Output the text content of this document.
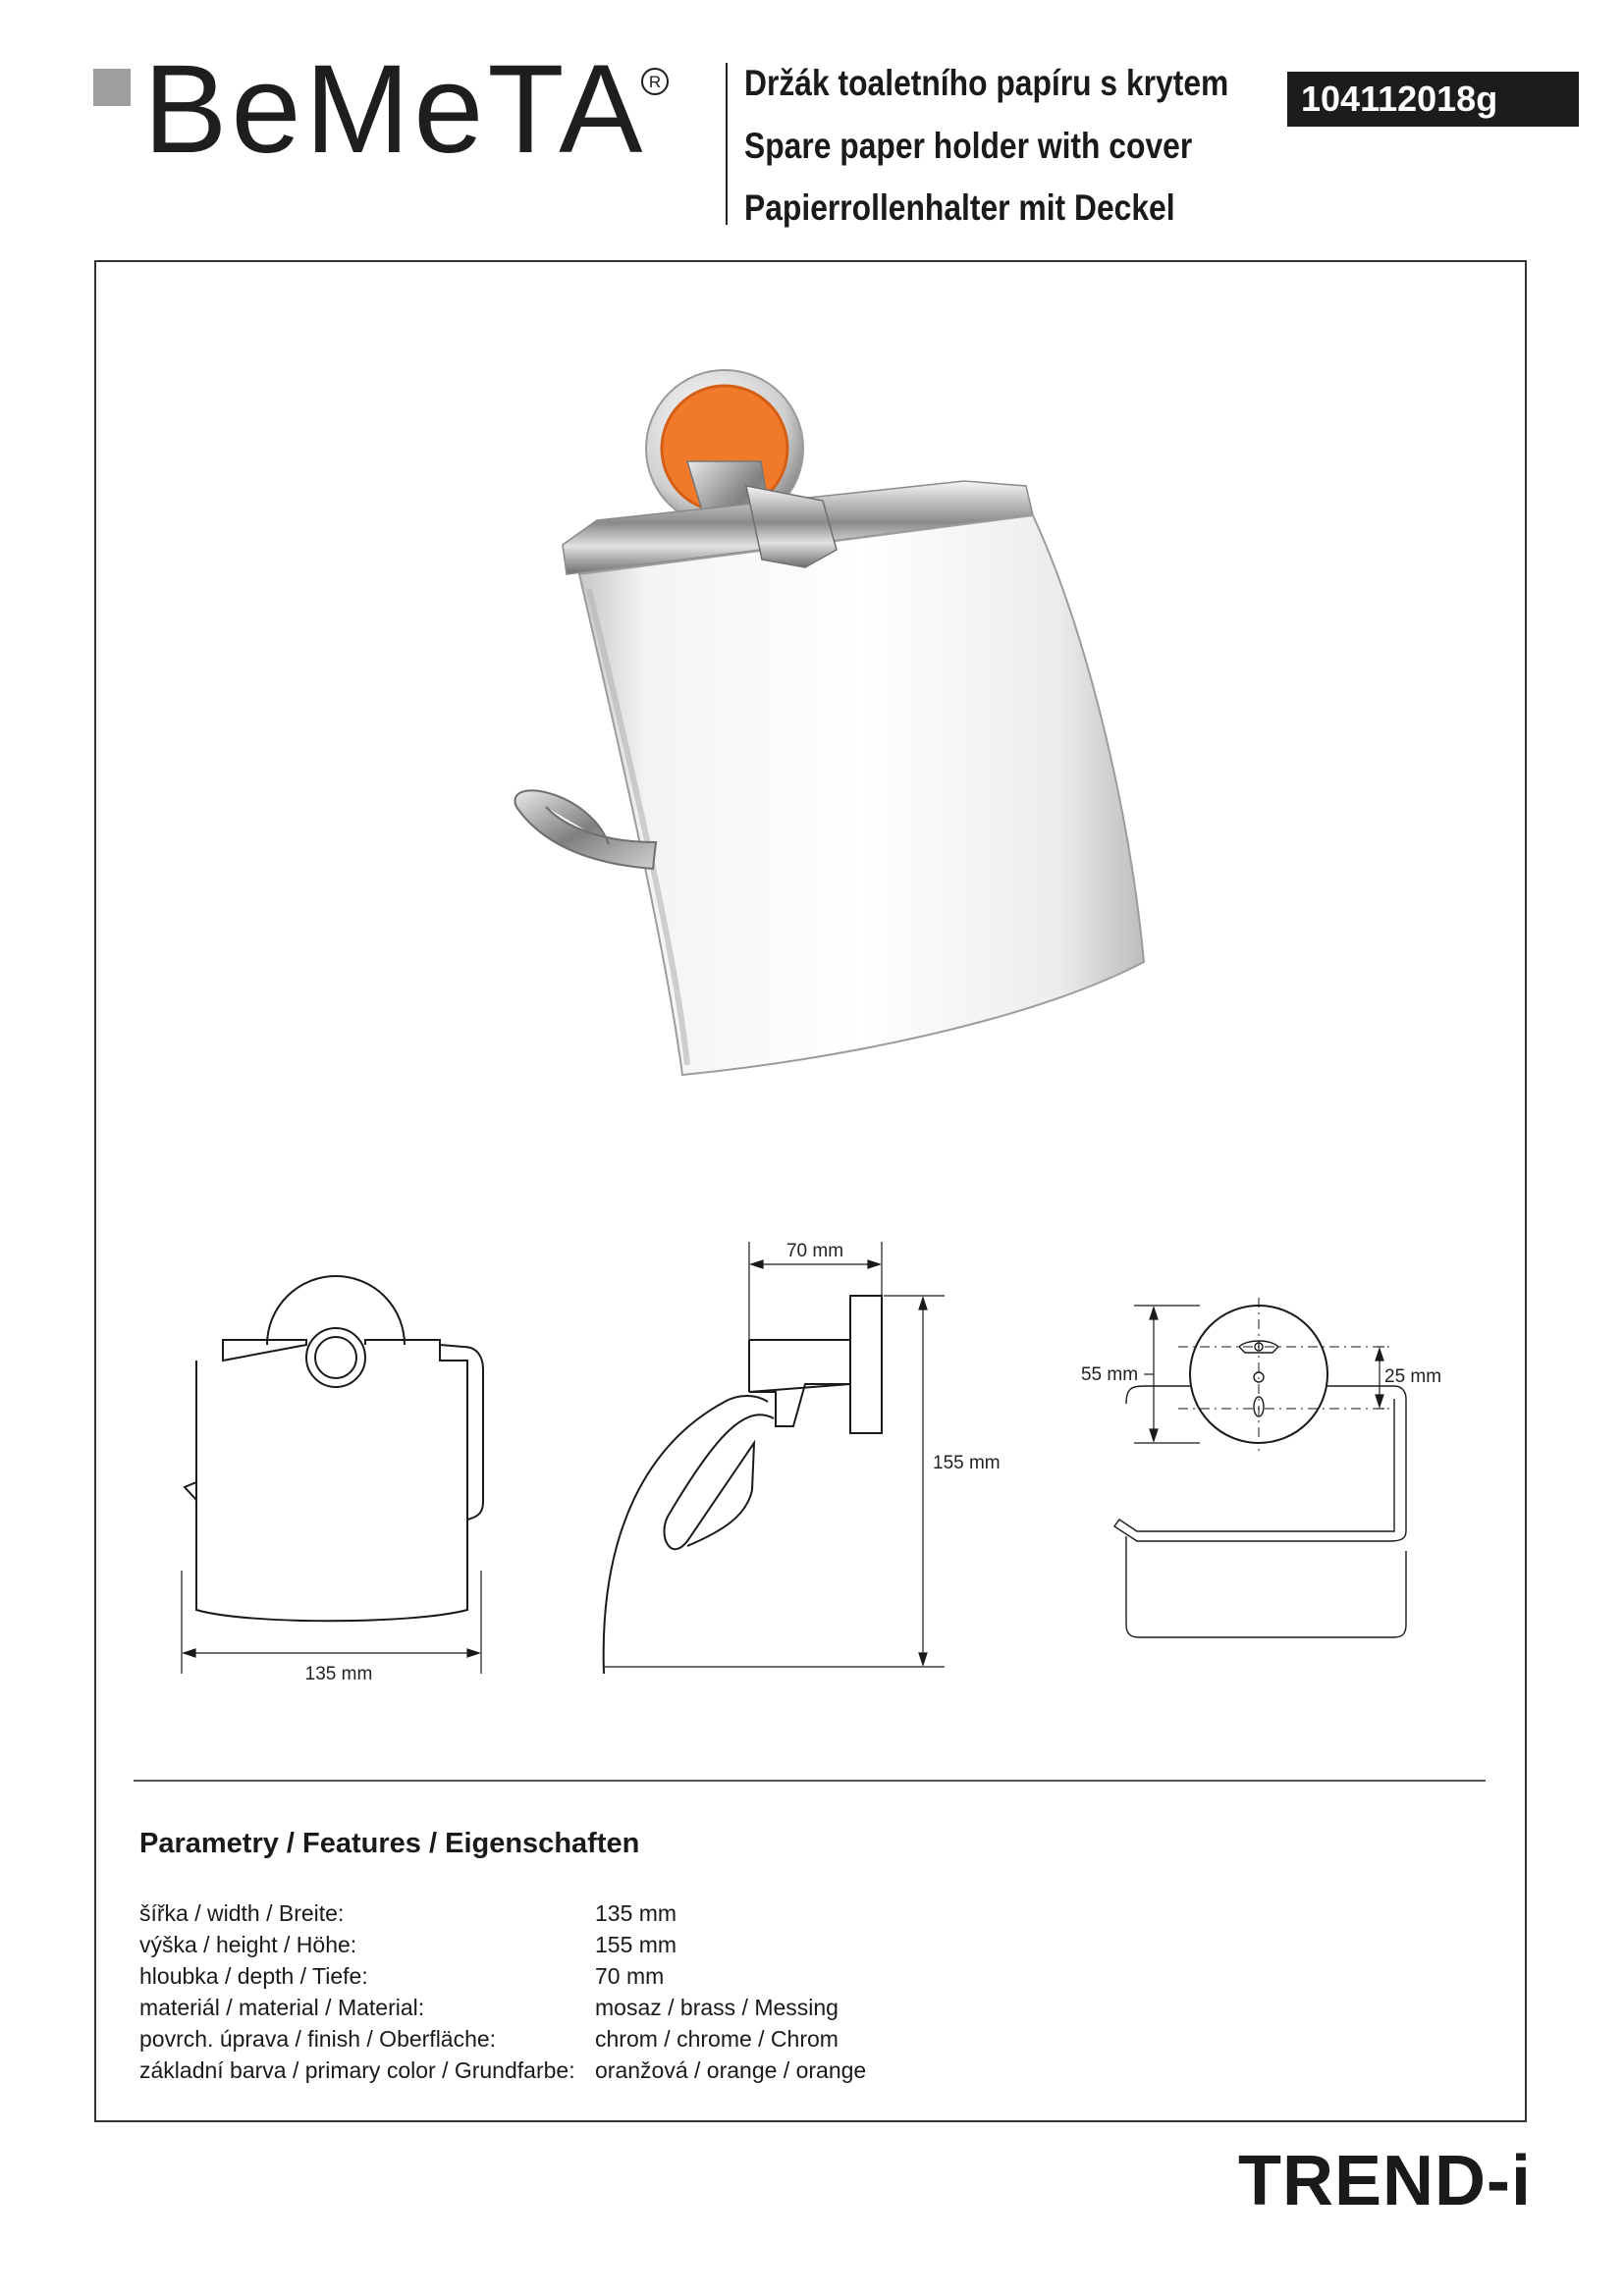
BeMeTA R Držák toaletního papíru s krytem
Spare paper holder with cover
Papierrollenhalter mit Deckel
104112018g
135 mm
70 mm
155 mm
55 mm	25 mm
Parametry / Features / Eigenschaften
šířka / width / Breite:	135 mm
výška / height / Höhe:	155 mm
hloubka / depth / Tiefe:	70 mm
materiál / material / Material:	mosaz / brass / Messing
povrch. úprava / finish / Oberfläche:	chrom / chrome / Chrom
základní barva / primary color / Grundfarbe: oranžová / orange / orange
TREND-i
